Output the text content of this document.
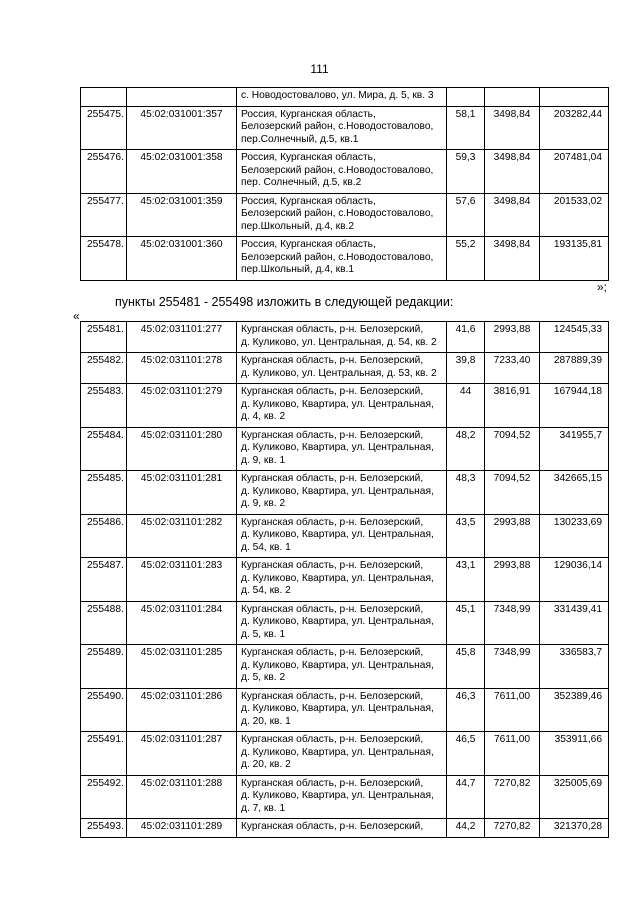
111
		с. Новодостовалово, ул. Мира, д. 5, кв. 3			
255475.	45:02:031001:357	Россия, Курганская область,
Белозерский район, с.Новодостовалово,
пер.Солнечный, д.5, кв.1	58,1	3498,84	203282,44
255476.	45:02:031001:358	Россия, Курганская область,
Белозерский район, с.Новодостовалово,
пер. Солнечный, д.5, кв.2	59,3	3498,84	207481,04
255477.	45:02:031001:359	Россия, Курганская область,
Белозерский район, с.Новодостовалово,
пер.Школьный, д.4, кв.2	57,6	3498,84	201533,02
255478.	45:02:031001:360	Россия, Курганская область,
Белозерский район, с.Новодостовалово,
пер.Школьный, д.4, кв.1	55,2	3498,84	193135,81
»;
пункты 255481 - 255498 изложить в следующей редакции:
«
255481.	45:02:031101:277	Курганская область, р-н. Белозерский,
д. Куликово, ул. Центральная, д. 54, кв. 2	41,6	2993,88	124545,33
255482.	45:02:031101:278	Курганская область, р-н. Белозерский,
д. Куликово, ул. Центральная, д. 53, кв. 2	39,8	7233,40	287889,39
255483.	45:02:031101:279	Курганская область, р-н. Белозерский,
д. Куликово, Квартира, ул. Центральная,
д. 4, кв. 2	44	3816,91	167944,18
255484.	45:02:031101:280	Курганская область, р-н. Белозерский,
д. Куликово, Квартира, ул. Центральная,
д. 9, кв. 1	48,2	7094,52	341955,7
255485.	45:02:031101:281	Курганская область, р-н. Белозерский,
д. Куликово, Квартира, ул. Центральная,
д. 9, кв. 2	48,3	7094,52	342665,15
255486.	45:02:031101:282	Курганская область, р-н. Белозерский,
д. Куликово, Квартира, ул. Центральная,
д. 54, кв. 1	43,5	2993,88	130233,69
255487.	45:02:031101:283	Курганская область, р-н. Белозерский,
д. Куликово, Квартира, ул. Центральная,
д. 54, кв. 2	43,1	2993,88	129036,14
255488.	45:02:031101:284	Курганская область, р-н. Белозерский,
д. Куликово, Квартира, ул. Центральная,
д. 5, кв. 1	45,1	7348,99	331439,41
255489.	45:02:031101:285	Курганская область, р-н. Белозерский,
д. Куликово, Квартира, ул. Центральная,
д. 5, кв. 2	45,8	7348,99	336583,7
255490.	45:02:031101:286	Курганская область, р-н. Белозерский,
д. Куликово, Квартира, ул. Центральная,
д. 20, кв. 1	46,3	7611,00	352389,46
255491.	45:02:031101:287	Курганская область, р-н. Белозерский,
д. Куликово, Квартира, ул. Центральная,
д. 20, кв. 2	46,5	7611,00	353911,66
255492.	45:02:031101:288	Курганская область, р-н. Белозерский,
д. Куликово, Квартира, ул. Центральная,
д. 7, кв. 1	44,7	7270,82	325005,69
255493.	45:02:031101:289	Курганская область, р-н. Белозерский,	44,2	7270,82	321370,28
